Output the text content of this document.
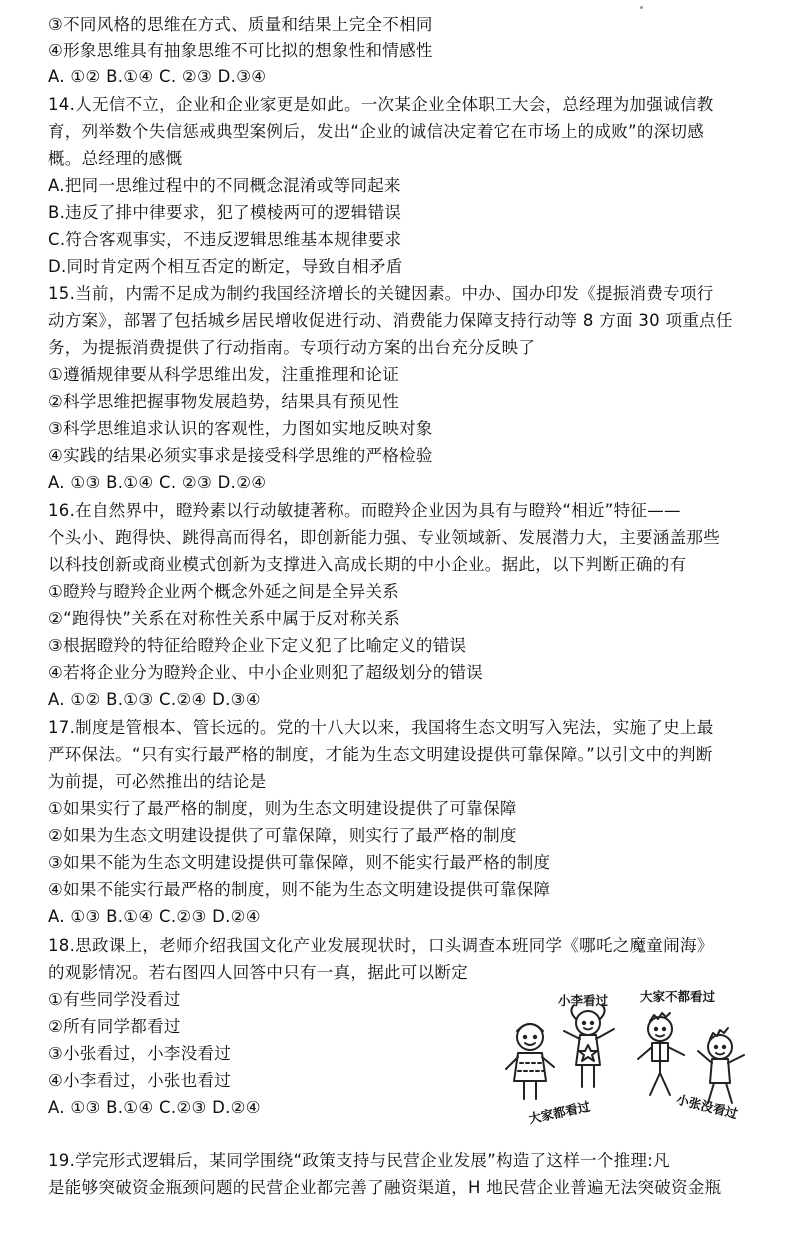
③不同风格的思维在方式、质量和结果上完全不相同
④形象思维具有抽象思维不可比拟的想象性和情感性
A. ①② B.①④ C. ②③ D.③④
14.人无信不立，企业和企业家更是如此。一次某企业全体职工大会，总经理为加强诚信教
育，列举数个失信惩戒典型案例后，发出“企业的诚信决定着它在市场上的成败”的深切感
概。总经理的感慨
A.把同一思维过程中的不同概念混淆或等同起来
B.违反了排中律要求，犯了模棱两可的逻辑错误
C.符合客观事实，不违反逻辑思维基本规律要求
D.同时肯定两个相互否定的断定，导致自相矛盾
15.当前，内需不足成为制约我国经济增长的关键因素。中办、国办印发《提振消费专项行
动方案》，部署了包括城乡居民增收促进行动、消费能力保障支持行动等 8 方面 30 项重点任
务，为提振消费提供了行动指南。专项行动方案的出台充分反映了
①遵循规律要从科学思维出发，注重推理和论证
②科学思维把握事物发展趋势，结果具有预见性
③科学思维追求认识的客观性，力图如实地反映对象
④实践的结果必须实事求是接受科学思维的严格检验
A. ①③ B.①④ C. ②③ D.②④
16.在自然界中，瞪羚素以行动敏捷著称。而瞪羚企业因为具有与瞪羚“相近”特征——
个头小、跑得快、跳得高而得名，即创新能力强、专业领域新、发展潜力大，主要涵盖那些
以科技创新或商业模式创新为支撑进入高成长期的中小企业。据此，以下判断正确的有
①瞪羚与瞪羚企业两个概念外延之间是全异关系
②“跑得快”关系在对称性关系中属于反对称关系
③根据瞪羚的特征给瞪羚企业下定义犯了比喻定义的错误
④若将企业分为瞪羚企业、中小企业则犯了超级划分的错误
A. ①② B.①③ C.②④ D.③④
17.制度是管根本、管长远的。党的十八大以来，我国将生态文明写入宪法，实施了史上最
严环保法。“只有实行最严格的制度，才能为生态文明建设提供可靠保障。”以引文中的判断
为前提，可必然推出的结论是
①如果实行了最严格的制度，则为生态文明建设提供了可靠保障
②如果为生态文明建设提供了可靠保障，则实行了最严格的制度
③如果不能为生态文明建设提供可靠保障，则不能实行最严格的制度
④如果不能实行最严格的制度，则不能为生态文明建设提供可靠保障
A. ①③ B.①④ C.②③ D.②④
18.思政课上，老师介绍我国文化产业发展现状时，口头调查本班同学《哪吒之魔童闹海》
的观影情况。若右图四人回答中只有一真，据此可以断定
①有些同学没看过
②所有同学都看过
③小张看过，小李没看过
④小李看过，小张也看过
A. ①③ B.①④ C.②③ D.②④
19.学完形式逻辑后，某同学围绕“政策支持与民营企业发展”构造了这样一个推理:凡
是能够突破资金瓶颈问题的民营企业都完善了融资渠道，H 地民营企业普遍无法突破资金瓶
小李看过	大家不都看过
大家都看过	小张没看过
